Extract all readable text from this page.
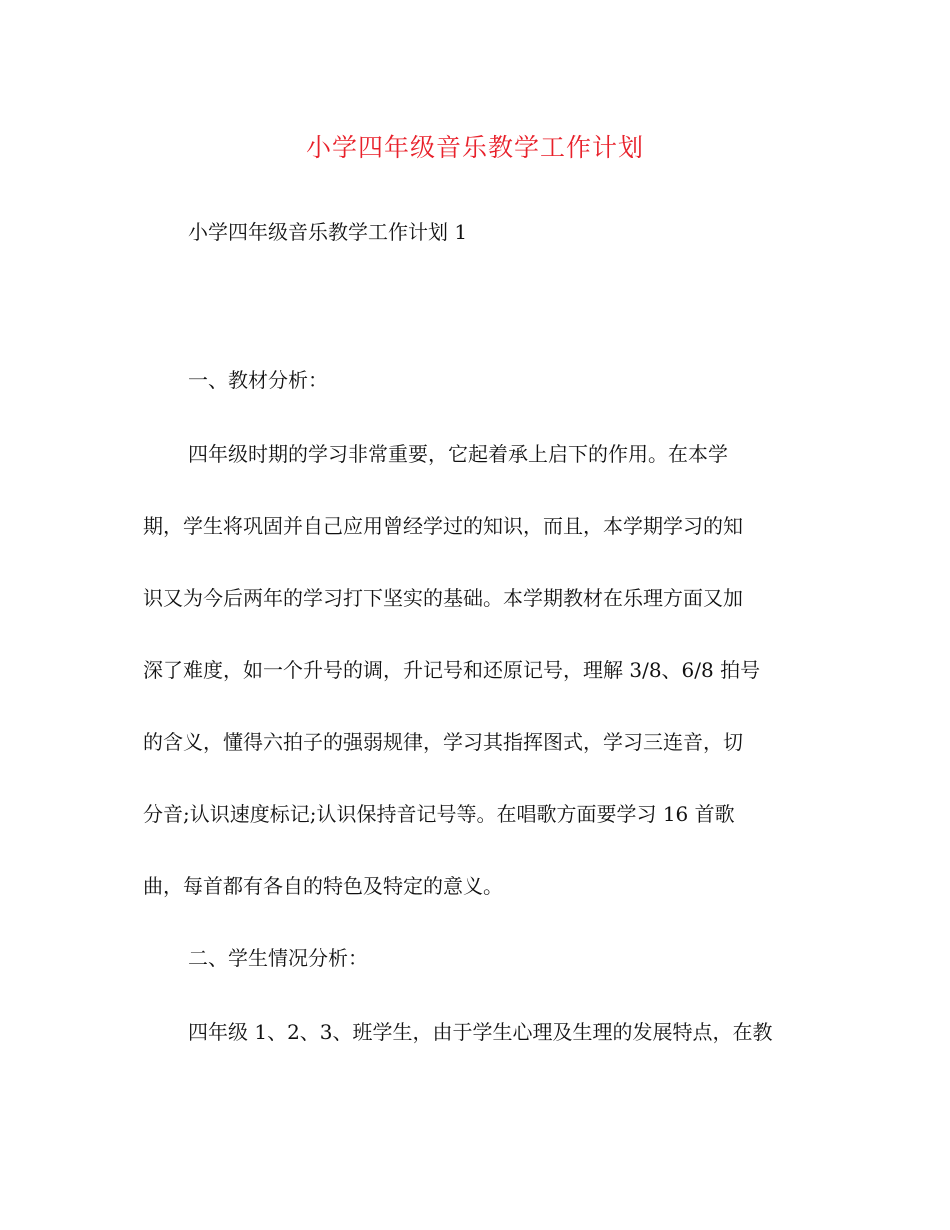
小学四年级音乐教学工作计划
小学四年级音乐教学工作计划 1
一、教材分析：
四年级时期的学习非常重要，它起着承上启下的作用。在本学
期，学生将巩固并自己应用曾经学过的知识，而且，本学期学习的知
识又为今后两年的学习打下坚实的基础。本学期教材在乐理方面又加
深了难度，如一个升号的调，升记号和还原记号，理解 3/8、6/8 拍号
的含义，懂得六拍子的强弱规律，学习其指挥图式，学习三连音，切
分音;认识速度标记;认识保持音记号等。在唱歌方面要学习 16 首歌
曲，每首都有各自的特色及特定的意义。
二、学生情况分析：
四年级 1、2、3、班学生，由于学生心理及生理的发展特点，在教
